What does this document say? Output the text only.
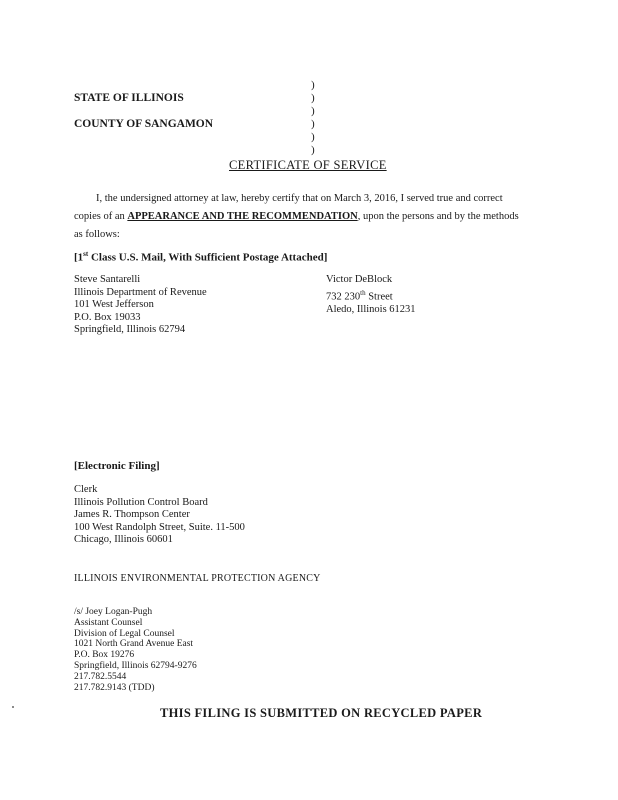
)
)
)
)
)
)
STATE OF ILLINOIS
COUNTY OF SANGAMON
CERTIFICATE OF SERVICE
I, the undersigned attorney at law, hereby certify that on March 3, 2016, I served true and correct
copies of an APPEARANCE AND THE RECOMMENDATION, upon the persons and by the methods
as follows:
[1st Class U.S. Mail, With Sufficient Postage Attached]
Steve Santarelli
Illinois Department of Revenue
101 West Jefferson
P.O. Box 19033
Springfield, Illinois 62794
Victor DeBlock
732 230th Street
Aledo, Illinois 61231
[Electronic Filing]
Clerk
Illinois Pollution Control Board
James R. Thompson Center
100 West Randolph Street, Suite. 11-500
Chicago, Illinois 60601
ILLINOIS ENVIRONMENTAL PROTECTION AGENCY
/s/ Joey Logan-Pugh
Assistant Counsel
Division of Legal Counsel
1021 North Grand Avenue East
P.O. Box 19276
Springfield, Illinois 62794-9276
217.782.5544
217.782.9143 (TDD)
THIS FILING IS SUBMITTED ON RECYCLED PAPER
